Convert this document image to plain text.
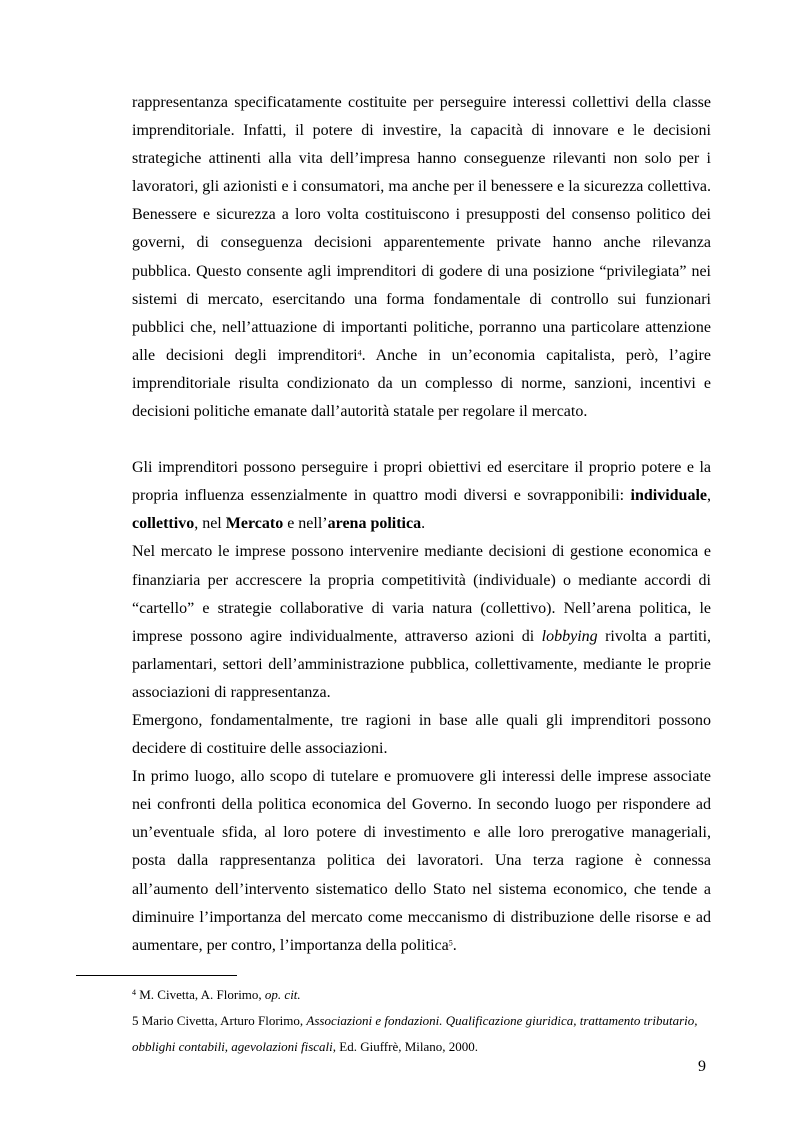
rappresentanza specificatamente costituite per perseguire interessi collettivi della classe imprenditoriale. Infatti, il potere di investire, la capacità di innovare e le decisioni strategiche attinenti alla vita dell’impresa hanno conseguenze rilevanti non solo per i lavoratori, gli azionisti e i consumatori, ma anche per il benessere e la sicurezza collettiva. Benessere e sicurezza a loro volta costituiscono i presupposti del consenso politico dei governi, di conseguenza decisioni apparentemente private hanno anche rilevanza pubblica. Questo consente agli imprenditori di godere di una posizione “privilegiata” nei sistemi di mercato, esercitando una forma fondamentale di controllo sui funzionari pubblici che, nell’attuazione di importanti politiche, porranno una particolare attenzione alle decisioni degli imprenditori$^4$. Anche in un’economia capitalista, però, l’agire imprenditoriale risulta condizionato da un complesso di norme, sanzioni, incentivi e decisioni politiche emanate dall’autorità statale per regolare il mercato.

Gli imprenditori possono perseguire i propri obiettivi ed esercitare il proprio potere e la propria influenza essenzialmente in quattro modi diversi e sovrapponibili: individuale, collettivo, nel Mercato e nell’arena politica.

Nel mercato le imprese possono intervenire mediante decisioni di gestione economica e finanziaria per accrescere la propria competitività (individuale) o mediante accordi di “cartello” e strategie collaborative di varia natura (collettivo). Nell’arena politica, le imprese possono agire individualmente, attraverso azioni di lobbying rivolta a partiti, parlamentari, settori dell’amministrazione pubblica, collettivamente, mediante le proprie associazioni di rappresentanza.

Emergono, fondamentalmente, tre ragioni in base alle quali gli imprenditori possono decidere di costituire delle associazioni.

In primo luogo, allo scopo di tutelare e promuovere gli interessi delle imprese associate nei confronti della politica economica del Governo. In secondo luogo per rispondere ad un’eventuale sfida, al loro potere di investimento e alle loro prerogative manageriali, posta dalla rappresentanza politica dei lavoratori. Una terza ragione è connessa all’aumento dell’intervento sistematico dello Stato nel sistema economico, che tende a diminuire l’importanza del mercato come meccanismo di distribuzione delle risorse e ad aumentare, per contro, l’importanza della politica$^5$.

$^4$ M. Civetta, A. Florimo, op. cit.

5 Mario Civetta, Arturo Florimo, Associazioni e fondazioni. Qualificazione giuridica, trattamento tributario, obblighi contabili, agevolazioni fiscali, Ed. Giuffrè, Milano, 2000.

9
